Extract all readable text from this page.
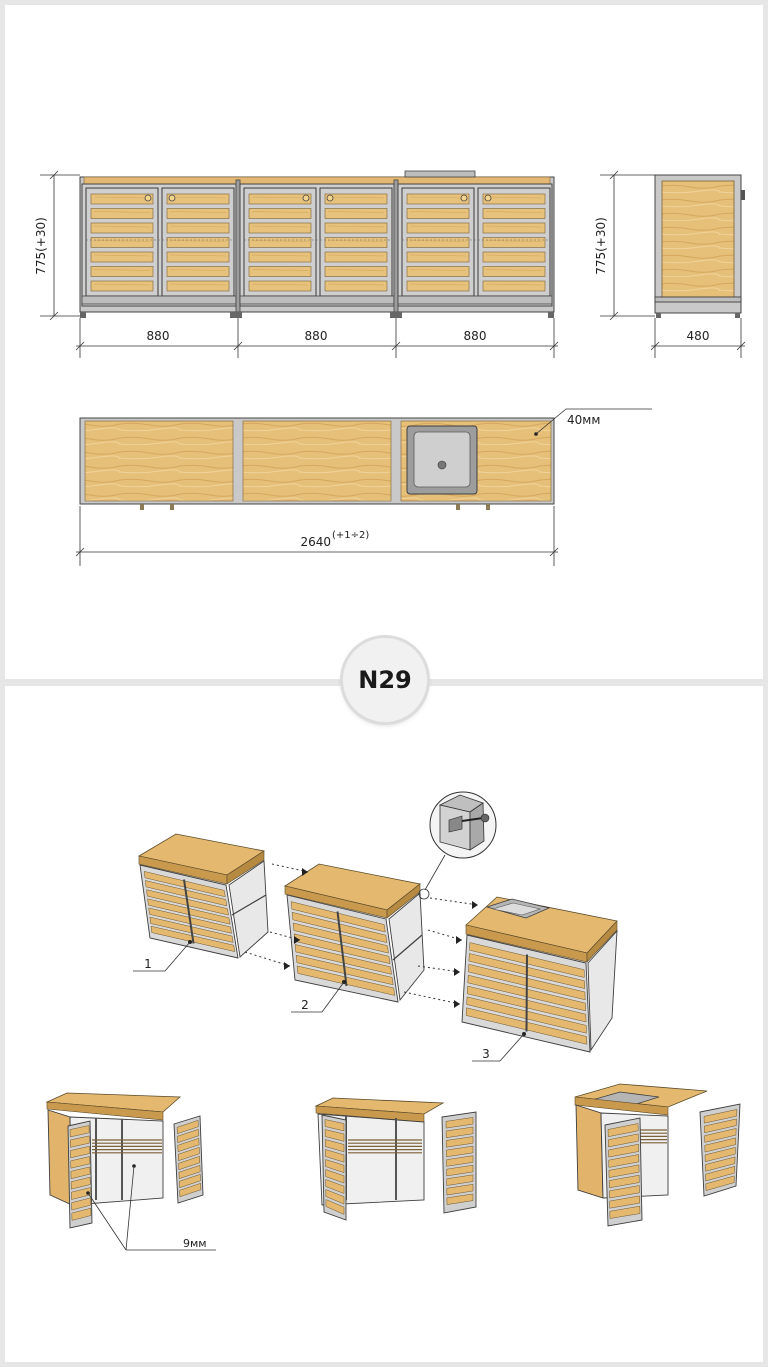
775(+30)
880	880	880
775(+30)
480
40мм
2640 (+1÷2)
1
2
3
9мм
N29
